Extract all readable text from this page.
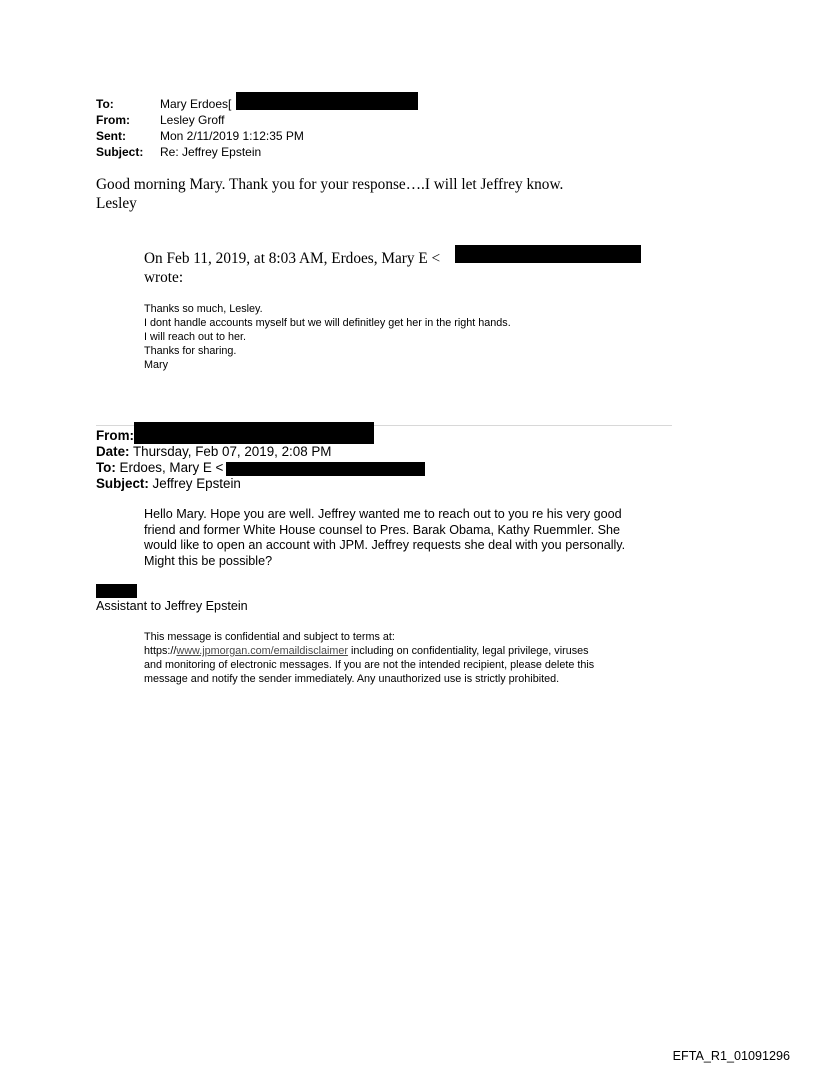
To:	Mary Erdoes[
From:	Lesley Groff
Sent:	Mon 2/11/2019 1:12:35 PM
Subject: Re: Jeffrey Epstein
Good morning Mary. Thank you for your response….I will let Jeffrey know.
Lesley
On Feb 11, 2019, at 8:03 AM, Erdoes, Mary E <
wrote:
Thanks so much, Lesley.
I dont handle accounts myself but we will definitley get her in the right hands.
I will reach out to her.
Thanks for sharing.
Mary
From:
Date: Thursday, Feb 07, 2019, 2:08 PM
To: Erdoes, Mary E <
Subject: Jeffrey Epstein
Hello Mary. Hope you are well. Jeffrey wanted me to reach out to you re his very good
friend and former White House counsel to Pres. Barak Obama, Kathy Ruemmler. She
would like to open an account with JPM. Jeffrey requests she deal with you personally.
Might this be possible?
Assistant to Jeffrey Epstein
This message is confidential and subject to terms at:
https://www.jpmorgan.com/emaildisclaimer including on confidentiality, legal privilege, viruses
and monitoring of electronic messages. If you are not the intended recipient, please delete this
message and notify the sender immediately. Any unauthorized use is strictly prohibited.
EFTA_R1_01091296
